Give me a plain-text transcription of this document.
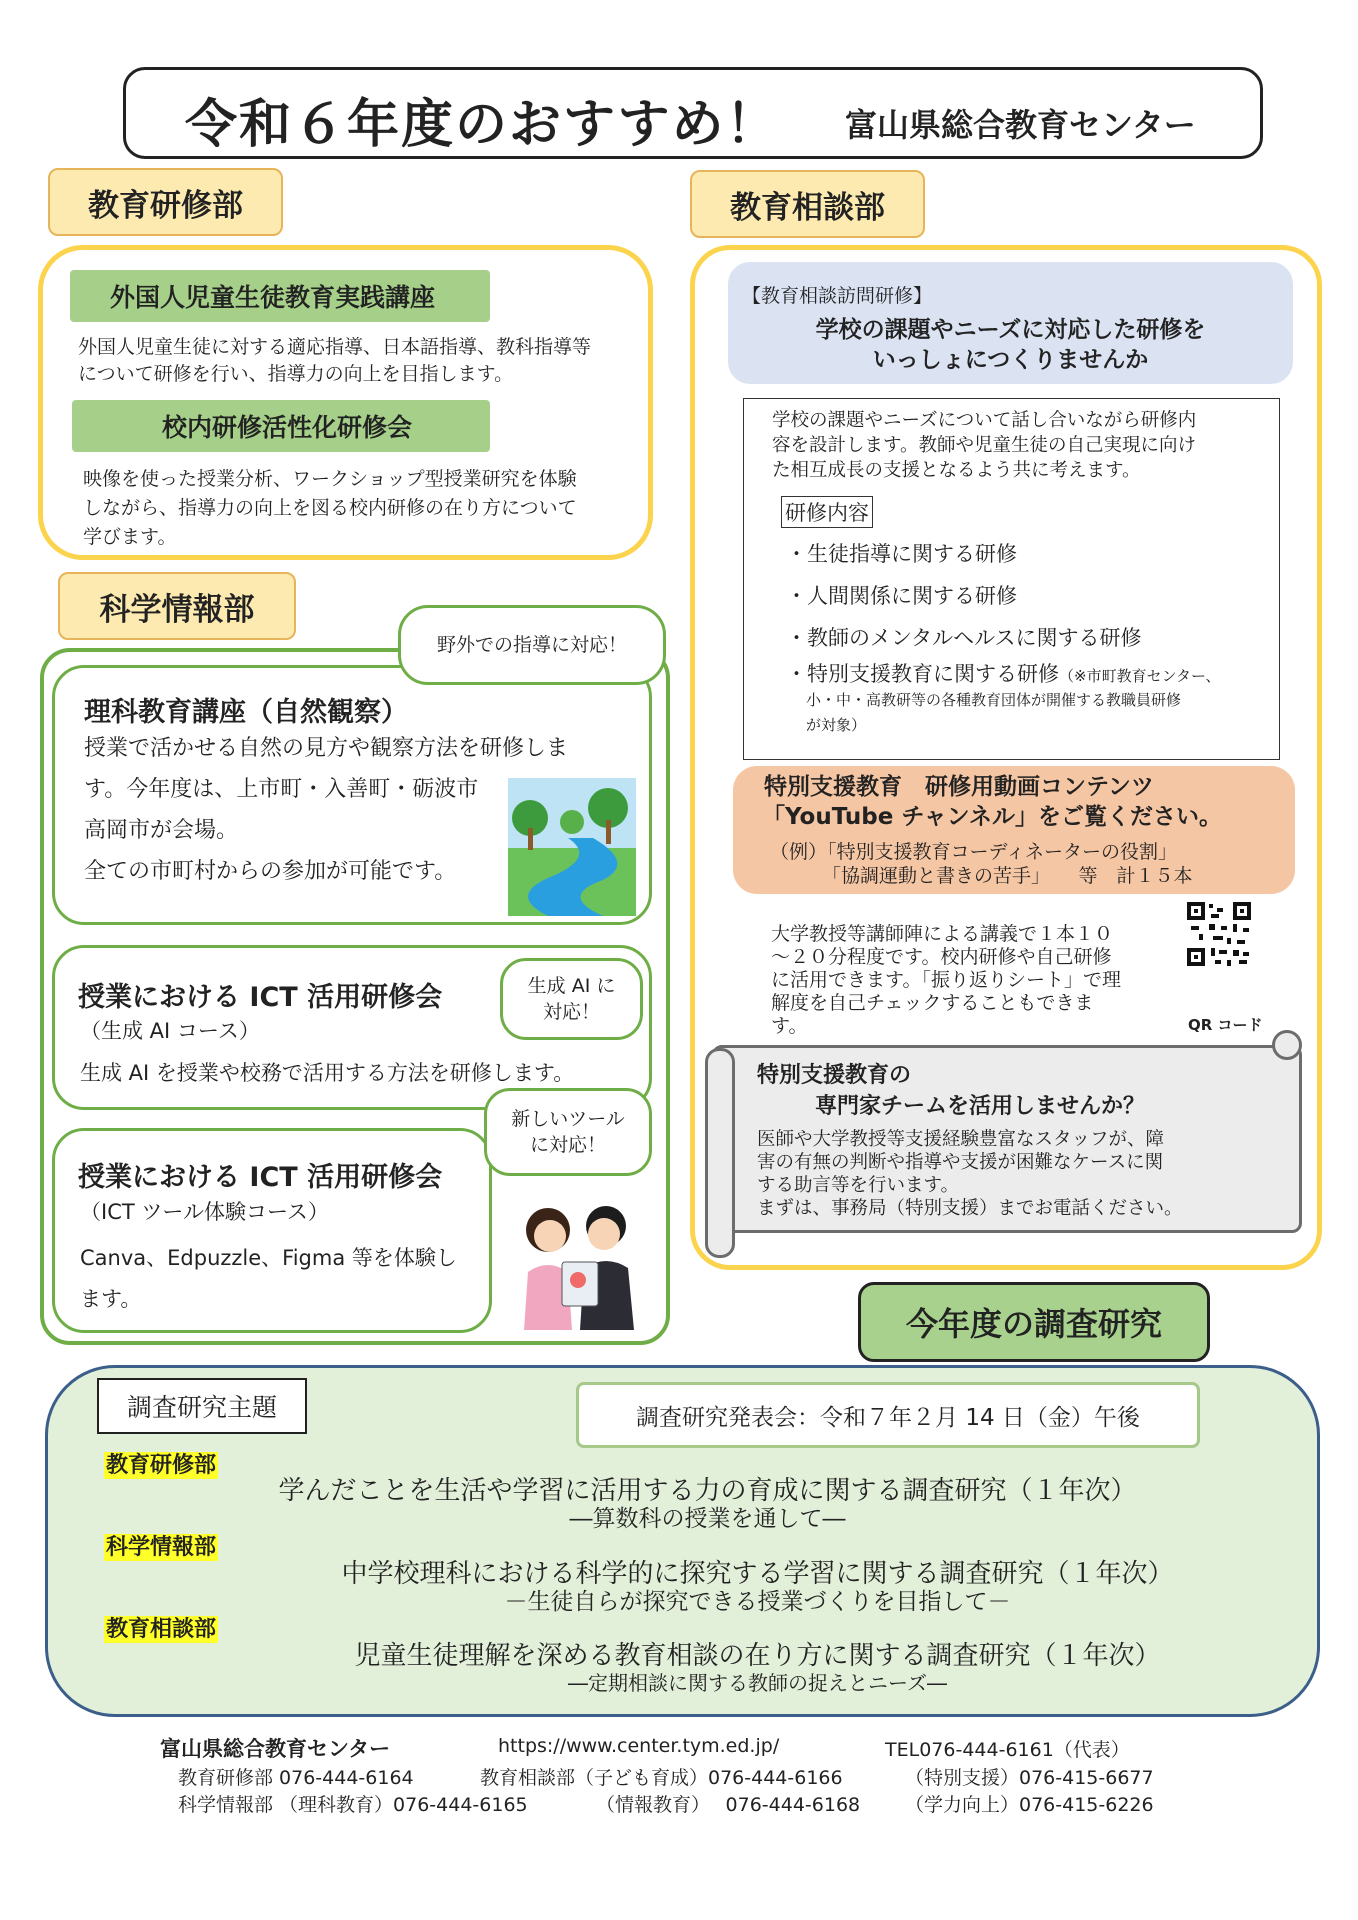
令和６年度のおすすめ！ 富山県総合教育センター
教育研修部
外国人児童生徒教育実践講座
外国人児童生徒に対する適応指導、日本語指導、教科指導等
について研修を行い、指導力の向上を目指します。
校内研修活性化研修会
映像を使った授業分析、ワークショップ型授業研究を体験
しながら、指導力の向上を図る校内研修の在り方について
学びます。
科学情報部
野外での指導に対応！
理科教育講座（自然観察）
授業で活かせる自然の見方や観察方法を研修しま
す。今年度は、上市町・入善町・砺波市
高岡市が会場。
全ての市町村からの参加が可能です。
生成 AI に
対応！
授業における ICT 活用研修会
（生成 AI コース）
生成 AI を授業や校務で活用する方法を研修します。
新しいツール
に対応！
授業における ICT 活用研修会
（ICT ツール体験コース）
Canva、Edpuzzle、Figma 等を体験し
ます。
教育相談部
【教育相談訪問研修】
学校の課題やニーズに対応した研修を
いっしょにつくりませんか
学校の課題やニーズについて話し合いながら研修内
容を設計します。教師や児童生徒の自己実現に向け
た相互成長の支援となるよう共に考えます。
研修内容
・生徒指導に関する研修
・人間関係に関する研修
・教師のメンタルヘルスに関する研修
・特別支援教育に関する研修（※市町教育センター、
小・中・高教研等の各種教育団体が開催する教職員研修
が対象）
特別支援教育　研修用動画コンテンツ
「YouTube チャンネル」をご覧ください。
（例）「特別支援教育コーディネーターの役割」
「協調運動と書きの苦手」　　等　計１５本
大学教授等講師陣による講義で１本１０
～２０分程度です。校内研修や自己研修
に活用できます。「振り返りシート」で理
解度を自己チェックすることもできま
す。	QR コード
特別支援教育の
専門家チームを活用しませんか？
医師や大学教授等支援経験豊富なスタッフが、障
害の有無の判断や指導や支援が困難なケースに関
する助言等を行います。
まずは、事務局（特別支援）までお電話ください。
今年度の調査研究
調査研究主題	調査研究発表会：令和７年２月 14 日（金）午後
教育研修部
学んだことを生活や学習に活用する力の育成に関する調査研究（１年次）
―算数科の授業を通して―
科学情報部
中学校理科における科学的に探究する学習に関する調査研究（１年次）
－生徒自らが探究できる授業づくりを目指して－
教育相談部
児童生徒理解を深める教育相談の在り方に関する調査研究（１年次）
―定期相談に関する教師の捉えとニーズ―
富山県総合教育センター	https://www.center.tym.ed.jp/	TEL076-444-6161（代表）
教育研修部 076-444-6164	教育相談部（子ども育成）076-444-6166	（特別支援）076-415-6677
科学情報部 （理科教育）076-444-6165	（情報教育）　 076-444-6168 （学力向上）076-415-6226
